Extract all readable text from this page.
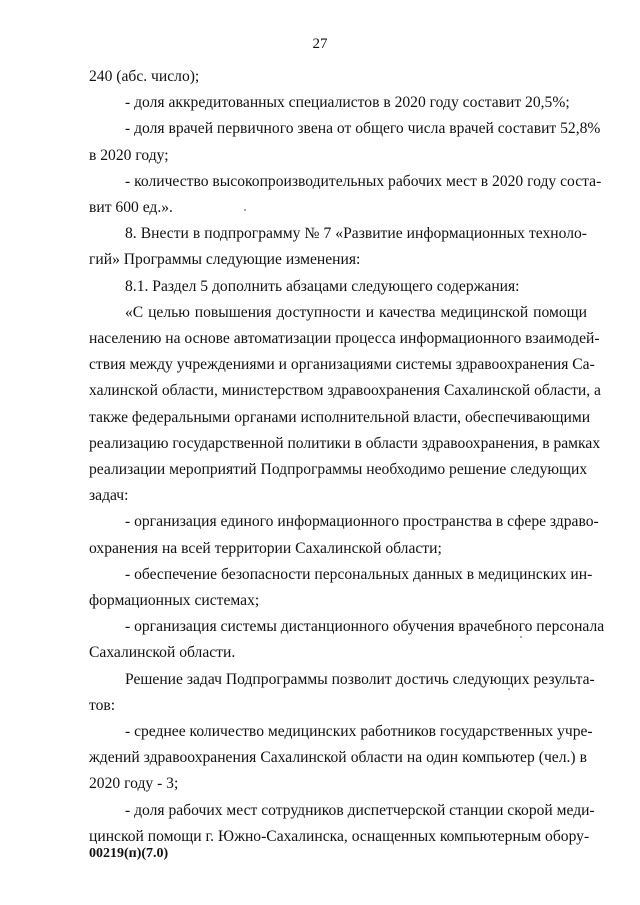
27
240 (абс. число);
- доля аккредитованных специалистов в 2020 году составит 20,5%;
- доля врачей первичного звена от общего числа врачей составит 52,8%
в 2020 году;
- количество высокопроизводительных рабочих мест в 2020 году соста-
вит 600 ед.».
8. Внести в подпрограмму № 7 «Развитие информационных техноло-
гий» Программы следующие изменения:
8.1. Раздел 5 дополнить абзацами следующего содержания:
«С целью повышения доступности и качества медицинской помощи
населению на основе автоматизации процесса информационного взаимодей-
ствия между учреждениями и организациями системы здравоохранения Са-
халинской области, министерством здравоохранения Сахалинской области, а
также федеральными органами исполнительной власти, обеспечивающими
реализацию государственной политики в области здравоохранения, в рамках
реализации мероприятий Подпрограммы необходимо решение следующих
задач:
- организация единого информационного пространства в сфере здраво-
охранения на всей территории Сахалинской области;
- обеспечение безопасности персональных данных в медицинских ин-
формационных системах;
- организация системы дистанционного обучения врачебного персонала
Сахалинской области.
Решение задач Подпрограммы позволит достичь следующих результа-
тов:
- среднее количество медицинских работников государственных учре-
ждений здравоохранения Сахалинской области на один компьютер (чел.) в
2020 году - 3;
- доля рабочих мест сотрудников диспетчерской станции скорой меди-
цинской помощи г. Южно-Сахалинска, оснащенных компьютерным обору-
00219(п)(7.0)
